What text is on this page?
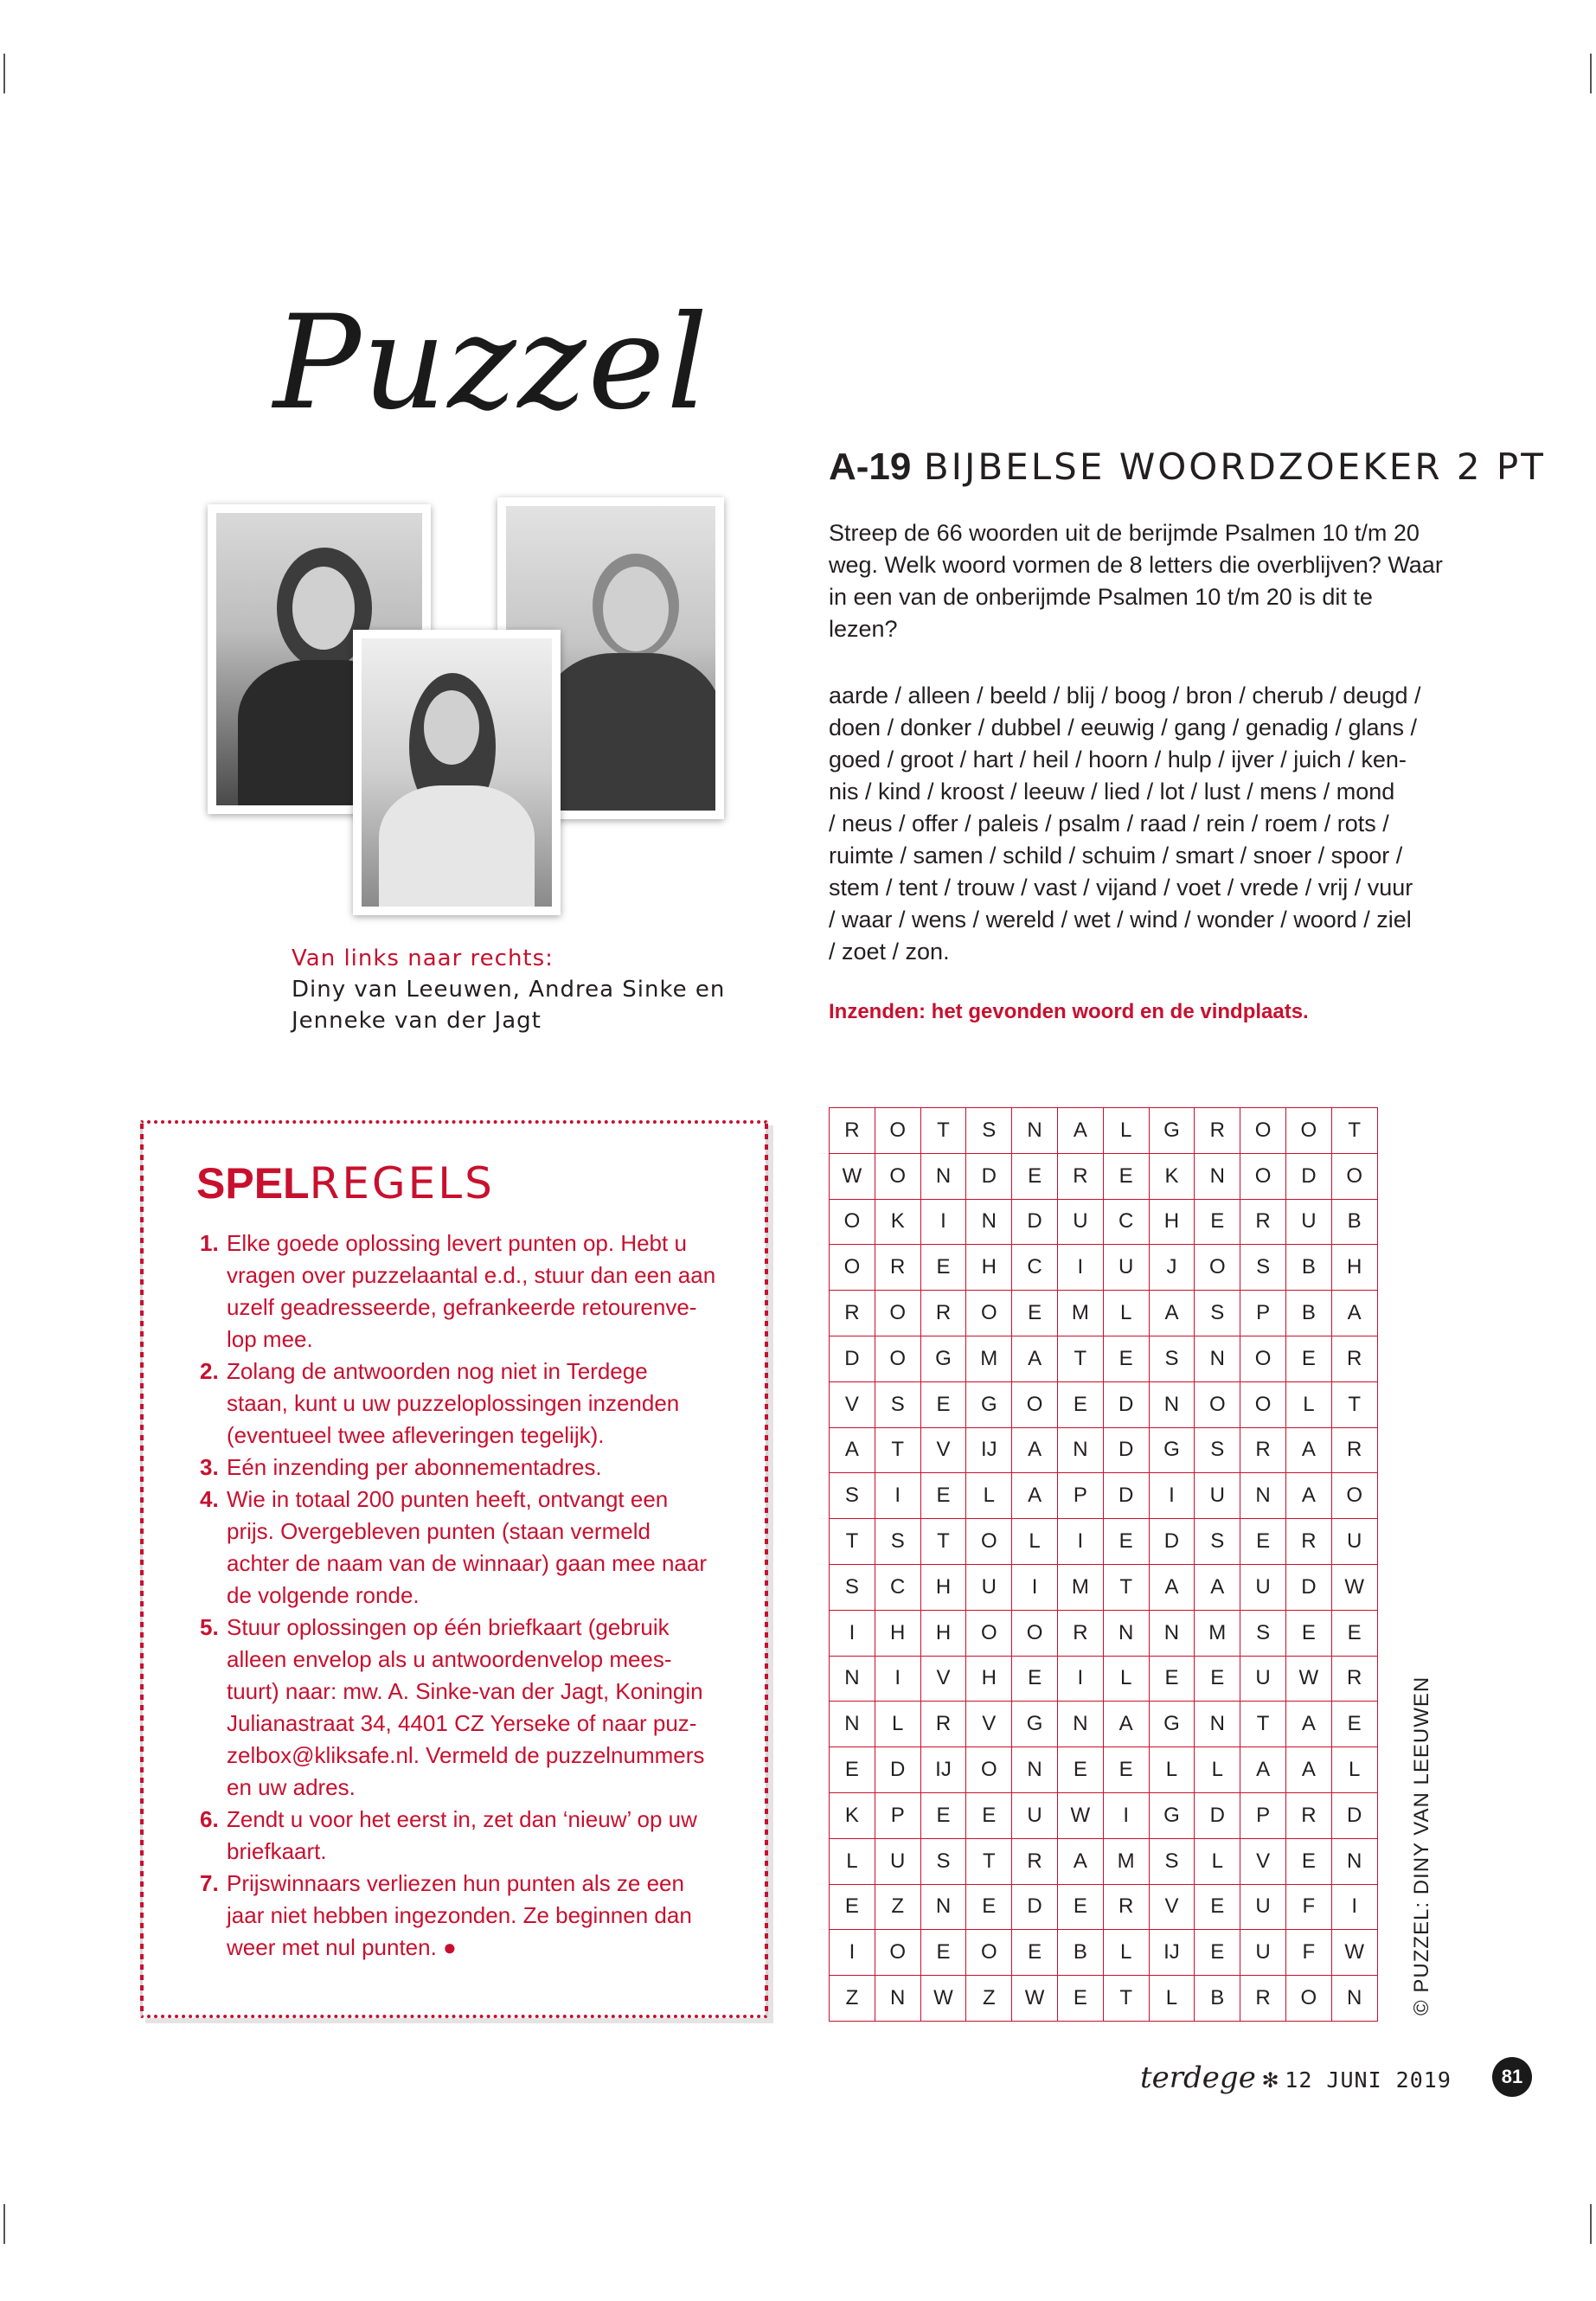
Puzzel
Van links naar rechts:
Diny van Leeuwen, Andrea Sinke en
Jenneke van der Jagt
A-19 BIJBELSE WOORDZOEKER 2 PT
Streep de 66 woorden uit de berijmde Psalmen 10 t/m 20 weg. Welk woord vormen de 8 letters die overblijven? Waar in een van de onberijmde Psalmen 10 t/m 20 is dit te lezen?
aarde / alleen / beeld / blij / boog / bron / cherub / deugd /
doen / donker / dubbel / eeuwig / gang / genadig / glans /
goed / groot / hart / heil / hoorn / hulp / ijver / juich / ken-
nis / kind / kroost / leeuw / lied / lot / lust / mens / mond
/ neus / offer / paleis / psalm / raad / rein / roem / rots /
ruimte / samen / schild / schuim / smart / snoer / spoor /
stem / tent / trouw / vast / vijand / voet / vrede / vrij / vuur
/ waar / wens / wereld / wet / wind / wonder / woord / ziel
/ zoet / zon.
Inzenden: het gevonden woord en de vindplaats.
SPELREGELS
1. Elke goede oplossing levert punten op. Hebt u
vragen over puzzelaantal e.d., stuur dan een aan
uzelf geadresseerde, gefrankeerde retourenve-
lop mee.
2. Zolang de antwoorden nog niet in Terdege
staan, kunt u uw puzzeloplossingen inzenden
(eventueel twee afleveringen tegelijk).
3. Eén inzending per abonnementadres.
4. Wie in totaal 200 punten heeft, ontvangt een
prijs. Overgebleven punten (staan vermeld
achter de naam van de winnaar) gaan mee naar
de volgende ronde.
5. Stuur oplossingen op één briefkaart (gebruik
alleen envelop als u antwoordenvelop mees-
tuurt) naar: mw. A. Sinke-van der Jagt, Koningin
Julianastraat 34, 4401 CZ Yerseke of naar puz-
zelbox@kliksafe.nl. Vermeld de puzzelnummers
en uw adres.
6. Zendt u voor het eerst in, zet dan ‘nieuw’ op uw
briefkaart.
7. Prijswinnaars verliezen hun punten als ze een
jaar niet hebben ingezonden. Ze beginnen dan
weer met nul punten. ●
R	O	T	S	N	A	L	G	R	O	O	T
W	O	N	D	E	R	E	K	N	O	D	O
O	K	I	N	D	U	C	H	E	R	U	B
O	R	E	H	C	I	U	J	O	S	B	H
R	O	R	O	E	M	L	A	S	P	B	A
D	O	G	M	A	T	E	S	N	O	E	R
V	S	E	G	O	E	D	N	O	O	L	T
A	T	V	IJ	A	N	D	G	S	R	A	R
S	I	E	L	A	P	D	I	U	N	A	O
T	S	T	O	L	I	E	D	S	E	R	U
S	C	H	U	I	M	T	A	A	U	D	W
I	H	H	O	O	R	N	N	M	S	E	E
N	I	V	H	E	I	L	E	E	U	W	R
N	L	R	V	G	N	A	G	N	T	A	E
E	D	IJ	O	N	E	E	L	L	A	A	L
K	P	E	E	U	W	I	G	D	P	R	D
L	U	S	T	R	A	M	S	L	V	E	N
E	Z	N	E	D	E	R	V	E	U	F	I
I	O	E	O	E	B	L	IJ	E	U	F	W
Z	N	W	Z	W	E	T	L	B	R	O	N © PUZZEL: DINY VAN LEEUWEN
terdege ✻ 12 JUNI 2019	81
